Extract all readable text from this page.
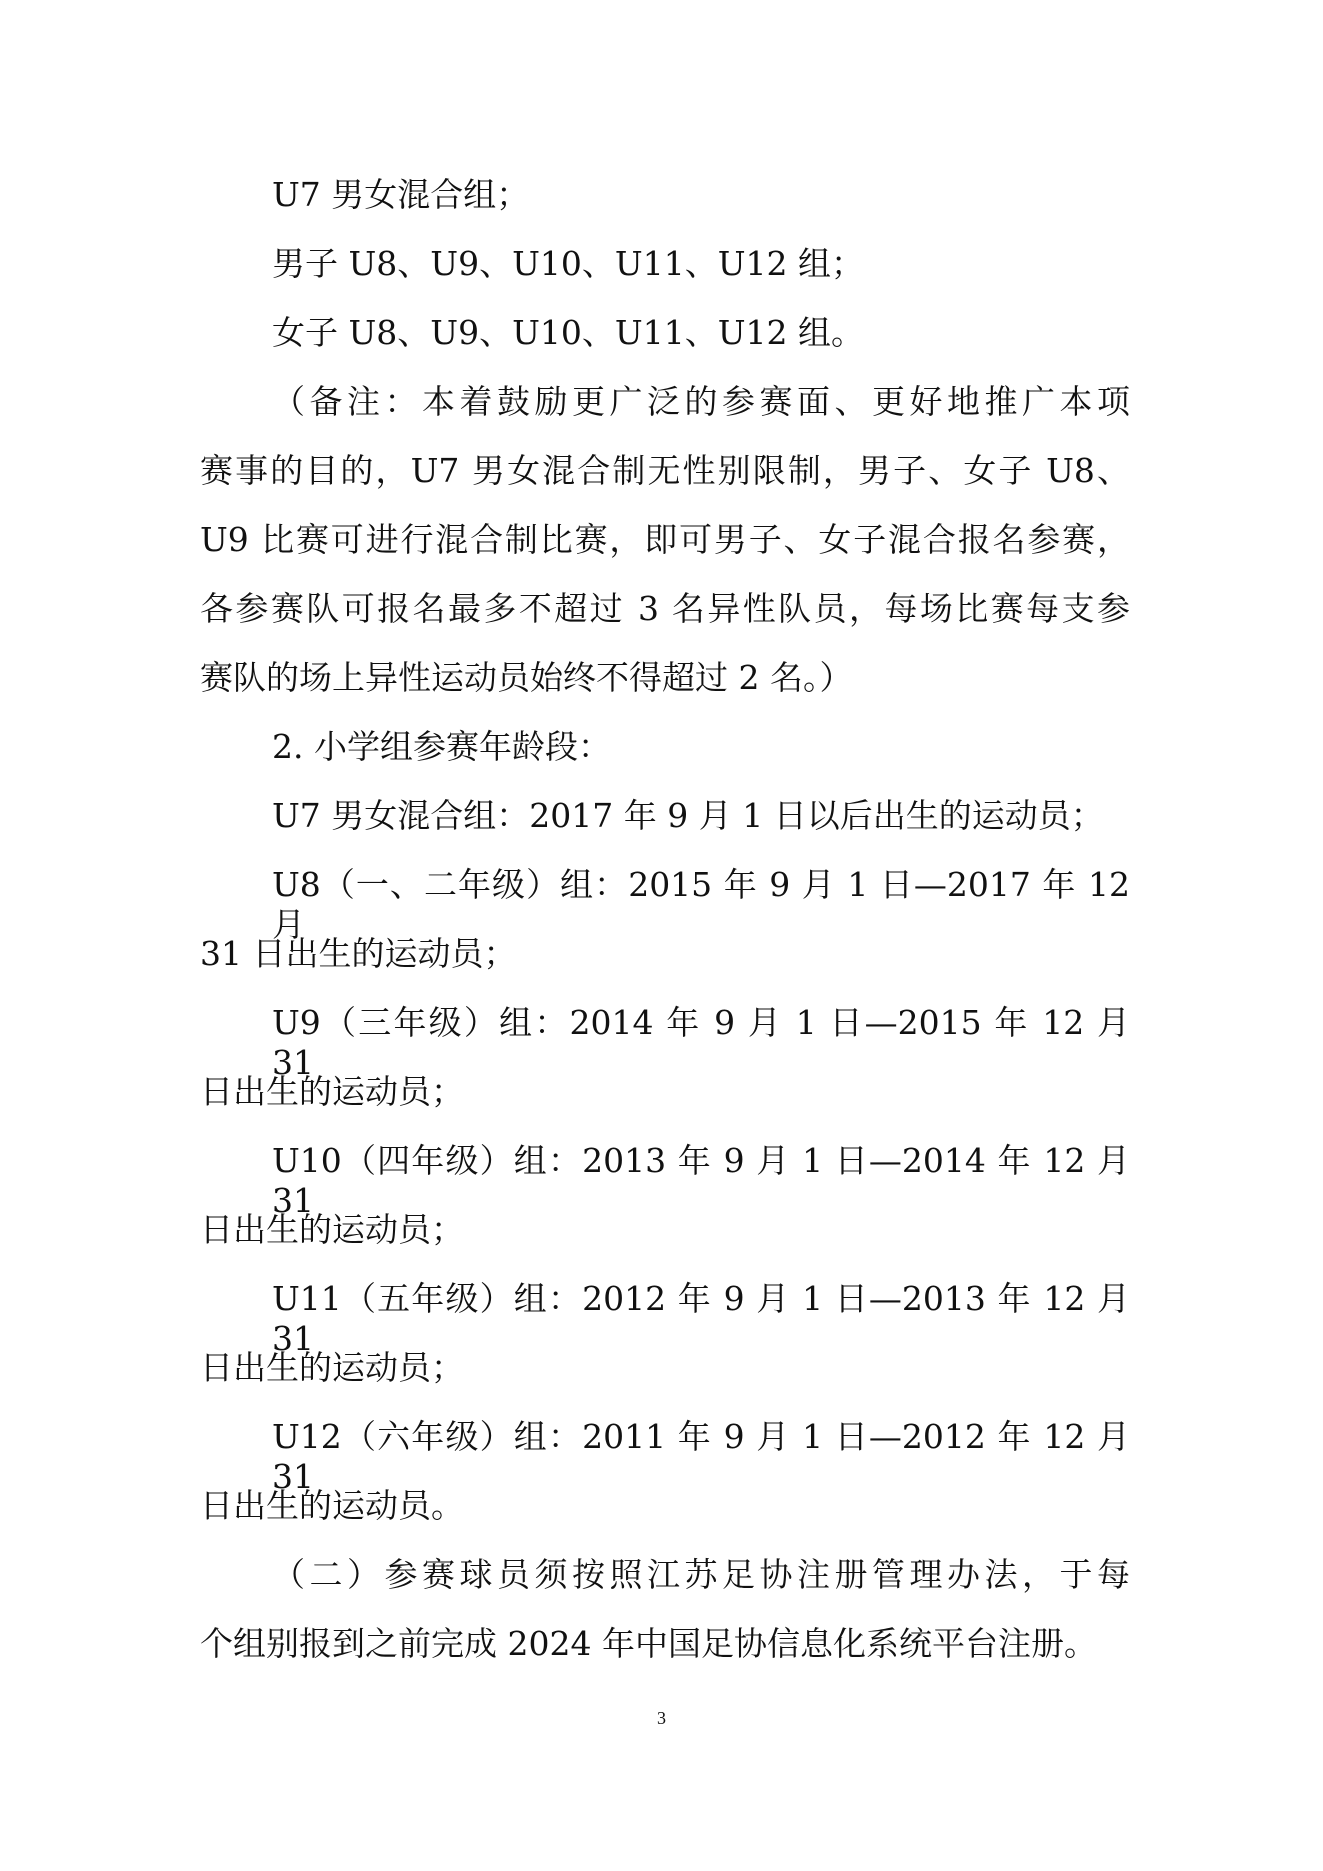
U7 男女混合组；
男子 U8、U9、U10、U11、U12 组；
女子 U8、U9、U10、U11、U12 组。
（备注：本着鼓励更广泛的参赛面、更好地推广本项
赛事的目的，U7 男女混合制无性别限制，男子、女子 U8、
U9 比赛可进行混合制比赛，即可男子、女子混合报名参赛，
各参赛队可报名最多不超过 3 名异性队员，每场比赛每支参
赛队的场上异性运动员始终不得超过 2 名。）
2. 小学组参赛年龄段：
U7 男女混合组：2017 年 9 月 1 日以后出生的运动员；
U8（一、二年级）组：2015 年 9 月 1 日—2017 年 12 月
31 日出生的运动员；
U9（三年级）组：2014 年 9 月 1 日—2015 年 12 月 31
日出生的运动员；
U10（四年级）组：2013 年 9 月 1 日—2014 年 12 月 31
日出生的运动员；
U11（五年级）组：2012 年 9 月 1 日—2013 年 12 月 31
日出生的运动员；
U12（六年级）组：2011 年 9 月 1 日—2012 年 12 月 31
日出生的运动员。
（二）参赛球员须按照江苏足协注册管理办法，于每
个组别报到之前完成 2024 年中国足协信息化系统平台注册。
3
